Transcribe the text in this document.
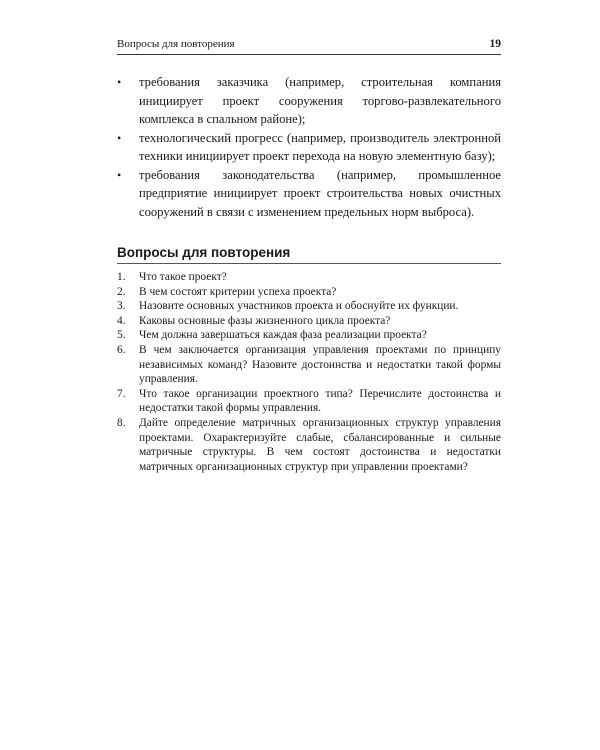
Вопросы для повторения	19
• требования заказчика (например, строительная компания инициирует проект сооружения торгово-развлекательного комплекса в спальном районе);
• технологический прогресс (например, производитель электронной техники инициирует проект перехода на новую элементную базу);
• требования законодательства (например, промышленное предприятие инициирует проект строительства новых очистных сооружений в связи с изменением предельных норм выброса).
Вопросы для повторения
1. Что такое проект?
2. В чем состоят критерии успеха проекта?
3. Назовите основных участников проекта и обоснуйте их функции.
4. Каковы основные фазы жизненного цикла проекта?
5. Чем должна завершаться каждая фаза реализации проекта?
6. В чем заключается организация управления проектами по принципу независимых команд? Назовите достоинства и недостатки такой формы управления.
7. Что такое организации проектного типа? Перечислите достоинства и недостатки такой формы управления.
8. Дайте определение матричных организационных структур управления проектами. Охарактеризуйте слабые, сбалансированные и сильные матричные структуры. В чем состоят достоинства и недостатки матричных организационных структур при управлении проектами?
